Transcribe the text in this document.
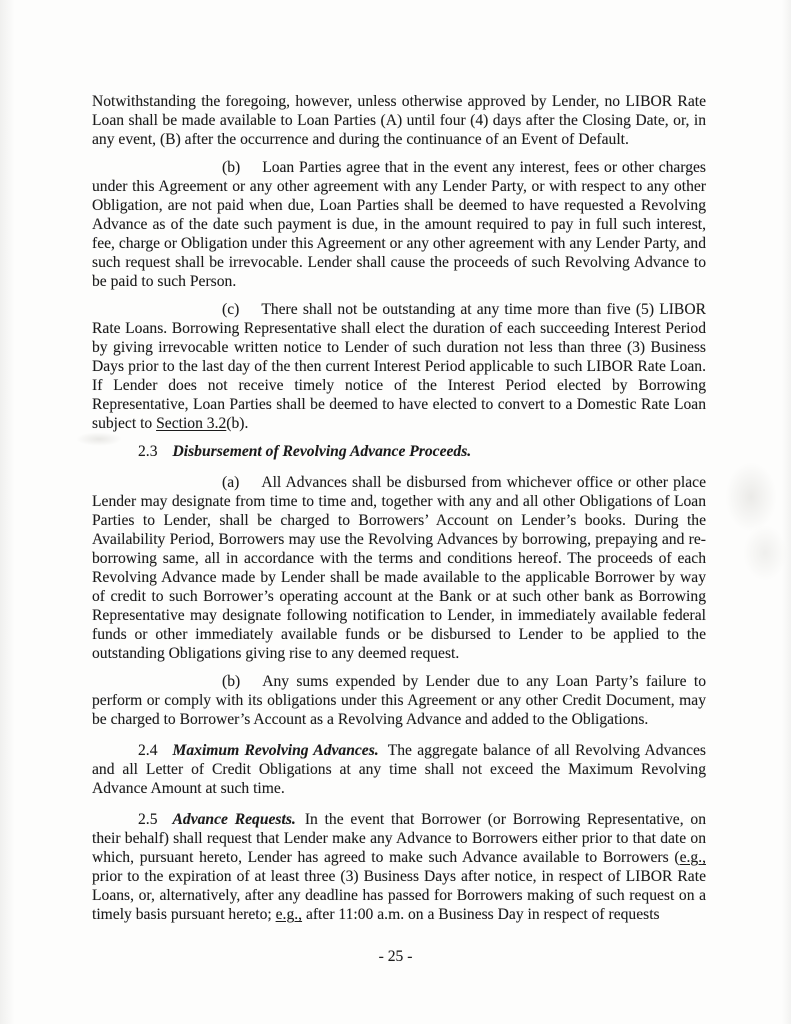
Notwithstanding the foregoing, however, unless otherwise approved by Lender, no LIBOR Rate Loan shall be made available to Loan Parties (A) until four (4) days after the Closing Date, or, in any event, (B) after the occurrence and during the continuance of an Event of Default.

(b) Loan Parties agree that in the event any interest, fees or other charges under this Agreement or any other agreement with any Lender Party, or with respect to any other Obligation, are not paid when due, Loan Parties shall be deemed to have requested a Revolving Advance as of the date such payment is due, in the amount required to pay in full such interest, fee, charge or Obligation under this Agreement or any other agreement with any Lender Party, and such request shall be irrevocable. Lender shall cause the proceeds of such Revolving Advance to be paid to such Person.

(c) There shall not be outstanding at any time more than five (5) LIBOR Rate Loans. Borrowing Representative shall elect the duration of each succeeding Interest Period by giving irrevocable written notice to Lender of such duration not less than three (3) Business Days prior to the last day of the then current Interest Period applicable to such LIBOR Rate Loan. If Lender does not receive timely notice of the Interest Period elected by Borrowing Representative, Loan Parties shall be deemed to have elected to convert to a Domestic Rate Loan subject to Section 3.2(b).

2.3 Disbursement of Revolving Advance Proceeds.

(a) All Advances shall be disbursed from whichever office or other place Lender may designate from time to time and, together with any and all other Obligations of Loan Parties to Lender, shall be charged to Borrowers’ Account on Lender’s books. During the Availability Period, Borrowers may use the Revolving Advances by borrowing, prepaying and re-borrowing same, all in accordance with the terms and conditions hereof. The proceeds of each Revolving Advance made by Lender shall be made available to the applicable Borrower by way of credit to such Borrower’s operating account at the Bank or at such other bank as Borrowing Representative may designate following notification to Lender, in immediately available federal funds or other immediately available funds or be disbursed to Lender to be applied to the outstanding Obligations giving rise to any deemed request.

(b) Any sums expended by Lender due to any Loan Party’s failure to perform or comply with its obligations under this Agreement or any other Credit Document, may be charged to Borrower’s Account as a Revolving Advance and added to the Obligations.

2.4 Maximum Revolving Advances. The aggregate balance of all Revolving Advances and all Letter of Credit Obligations at any time shall not exceed the Maximum Revolving Advance Amount at such time.

2.5 Advance Requests. In the event that Borrower (or Borrowing Representative, on their behalf) shall request that Lender make any Advance to Borrowers either prior to that date on which, pursuant hereto, Lender has agreed to make such Advance available to Borrowers (e.g., prior to the expiration of at least three (3) Business Days after notice, in respect of LIBOR Rate Loans, or, alternatively, after any deadline has passed for Borrowers making of such request on a timely basis pursuant hereto; e.g., after 11:00 a.m. on a Business Day in respect of requests

- 25 -
